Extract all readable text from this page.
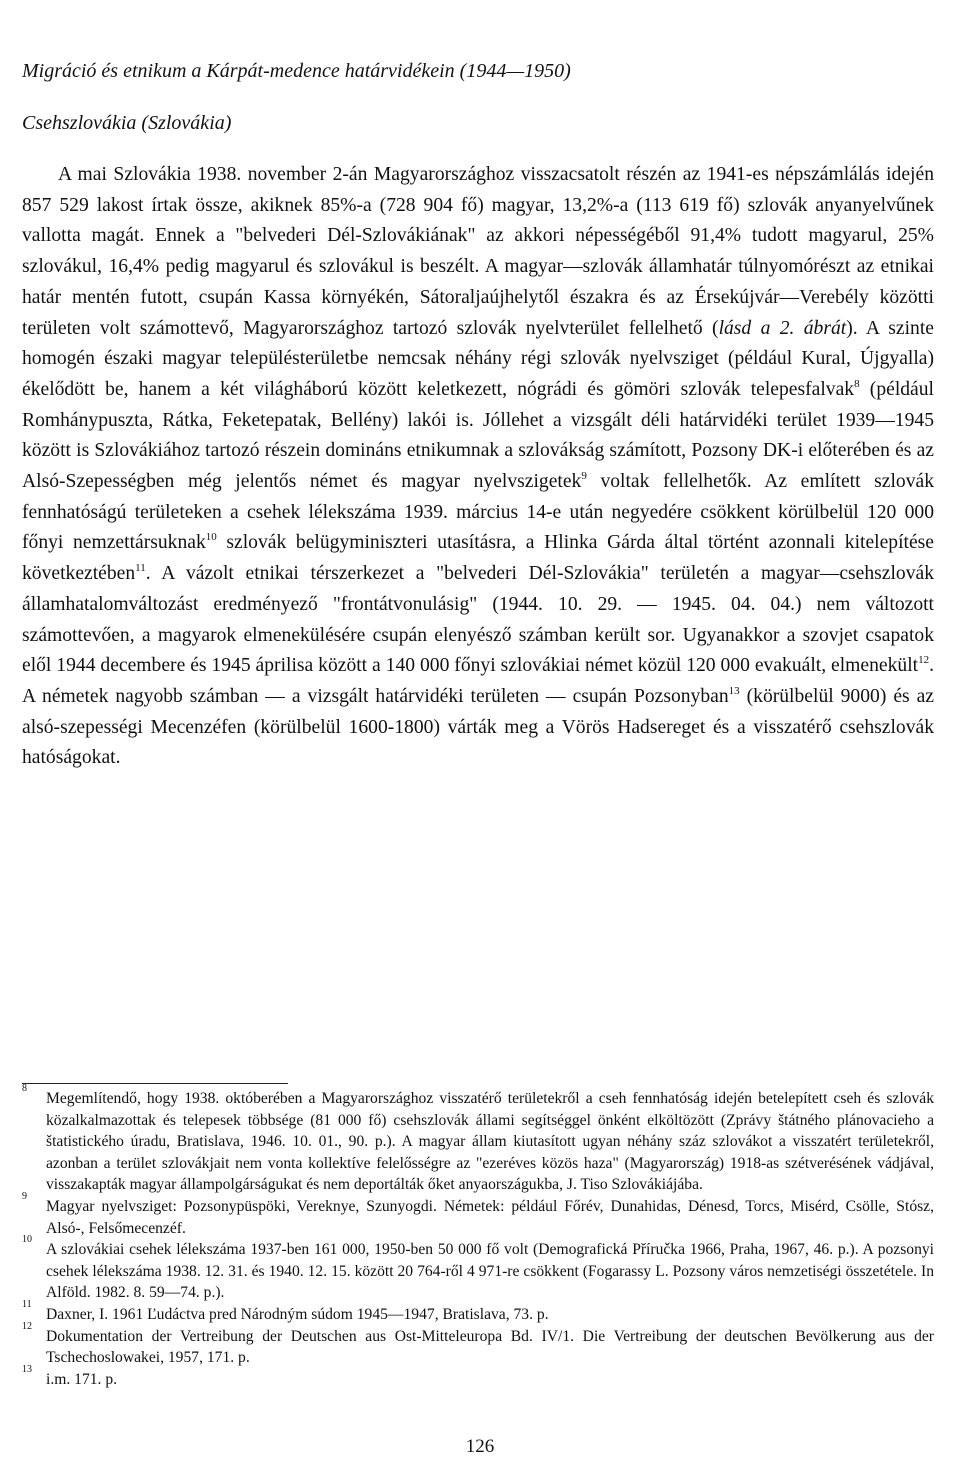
Migráció és etnikum a Kárpát-medence határvidékein (1944—1950)
Csehszlovákia (Szlovákia)

A mai Szlovákia 1938. november 2-án Magyarországhoz visszacsatolt részén az 1941-es népszámlálás idején 857 529 lakost írtak össze, akiknek 85%-a (728 904 fő) magyar, 13,2%-a (113 619 fő) szlovák anyanyelvűnek vallotta magát. Ennek a "belvederi Dél-Szlovákiának" az akkori népességéből 91,4% tudott magyarul, 25% szlovákul, 16,4% pedig magyarul és szlovákul is beszélt. A magyar—szlovák államhatár túlnyomórészt az etnikai határ mentén futott, csupán Kassa környékén, Sátoraljaújhelytől északra és az Érsekújvár—Verebély közötti területen volt számottevő, Magyarországhoz tartozó szlovák nyelvterület fellelhető (lásd a 2. ábrát). A szinte homogén északi magyar településterületbe nemcsak néhány régi szlovák nyelvsziget (például Kural, Újgyalla) ékelődött be, hanem a két világháború között keletkezett, nógrádi és gömöri szlovák telepesfalvak$^8$ (például Romhánypuszta, Rátka, Feketepatak, Bellény) lakói is. Jóllehet a vizsgált déli határvidéki terület 1939—1945 között is Szlovákiához tartozó részein domináns etnikumnak a szlovákság számított, Pozsony DK-i előterében és az Alsó-Szepességben még jelentős német és magyar nyelvszigetek$^9$ voltak fellelhetők. Az említett szlovák fennhatóságú területeken a csehek lélekszáma 1939. március 14-e után negyedére csökkent körülbelül 120 000 főnyi nemzettársuknak$^{10}$ szlovák belügyminiszteri utasításra, a Hlinka Gárda által történt azonnali kitelepítése következtében$^{11}$. A vázolt etnikai térszerkezet a "belvederi Dél-Szlovákia" területén a magyar—csehszlovák államhatalomváltozást eredményező "frontátvonulásig" (1944. 10. 29. — 1945. 04. 04.) nem változott számottevően, a magyarok elmenekülésére csupán elenyésző számban került sor. Ugyanakkor a szovjet csapatok elől 1944 decembere és 1945 áprilisa között a 140 000 főnyi szlovákiai német közül 120 000 evakuált, elmenekült$^{12}$. A németek nagyobb számban — a vizsgált határvidéki területen — csupán Pozsonyban$^{13}$ (körülbelül 9000) és az alsó-szepességi Mecenzéfen (körülbelül 1600-1800) várták meg a Vörös Hadsereget és a visszatérő csehszlovák hatóságokat.

8
Megemlítendő, hogy 1938. októberében a Magyarországhoz visszatérő területekről a cseh fennhatóság idején betelepített cseh és szlovák közalkalmazottak és telepesek többsége (81 000 fő) csehszlovák állami segítséggel önként elköltözött (Zprávy štátného plánovacieho a štatistického úradu, Bratislava, 1946. 10. 01., 90. p.). A magyar állam kiutasított ugyan néhány száz szlovákot a visszatért területekről, azonban a terület szlovákjait nem vonta kollektíve felelősségre az "ezeréves közös haza" (Magyarország) 1918-as szétverésének vádjával, visszakapták magyar állampolgárságukat és nem deportálták őket anyaországukba, J. Tiso Szlovákiájába.
9
Magyar nyelvsziget: Pozsonypüspöki, Vereknye, Szunyogdi. Németek: például Főrév, Dunahidas, Dénesd, Torcs, Misérd, Csölle, Stósz, Alsó-, Felsőmecenzéf.
10
A szlovákiai csehek lélekszáma 1937-ben 161 000, 1950-ben 50 000 fő volt (Demografická Příručka 1966, Praha, 1967, 46. p.). A pozsonyi csehek lélekszáma 1938. 12. 31. és 1940. 12. 15. között 20 764-ről 4 971-re csökkent (Fogarassy L. Pozsony város nemzetiségi összetétele. In Alföld. 1982. 8. 59—74. p.).
11
Daxner, I. 1961 Ľudáctva pred Národným súdom 1945—1947, Bratislava, 73. p.
12
Dokumentation der Vertreibung der Deutschen aus Ost-Mitteleuropa Bd. IV/1. Die Vertreibung der deutschen Bevölkerung aus der Tschechoslowakei, 1957, 171. p.
13
i.m. 171. p.

126
